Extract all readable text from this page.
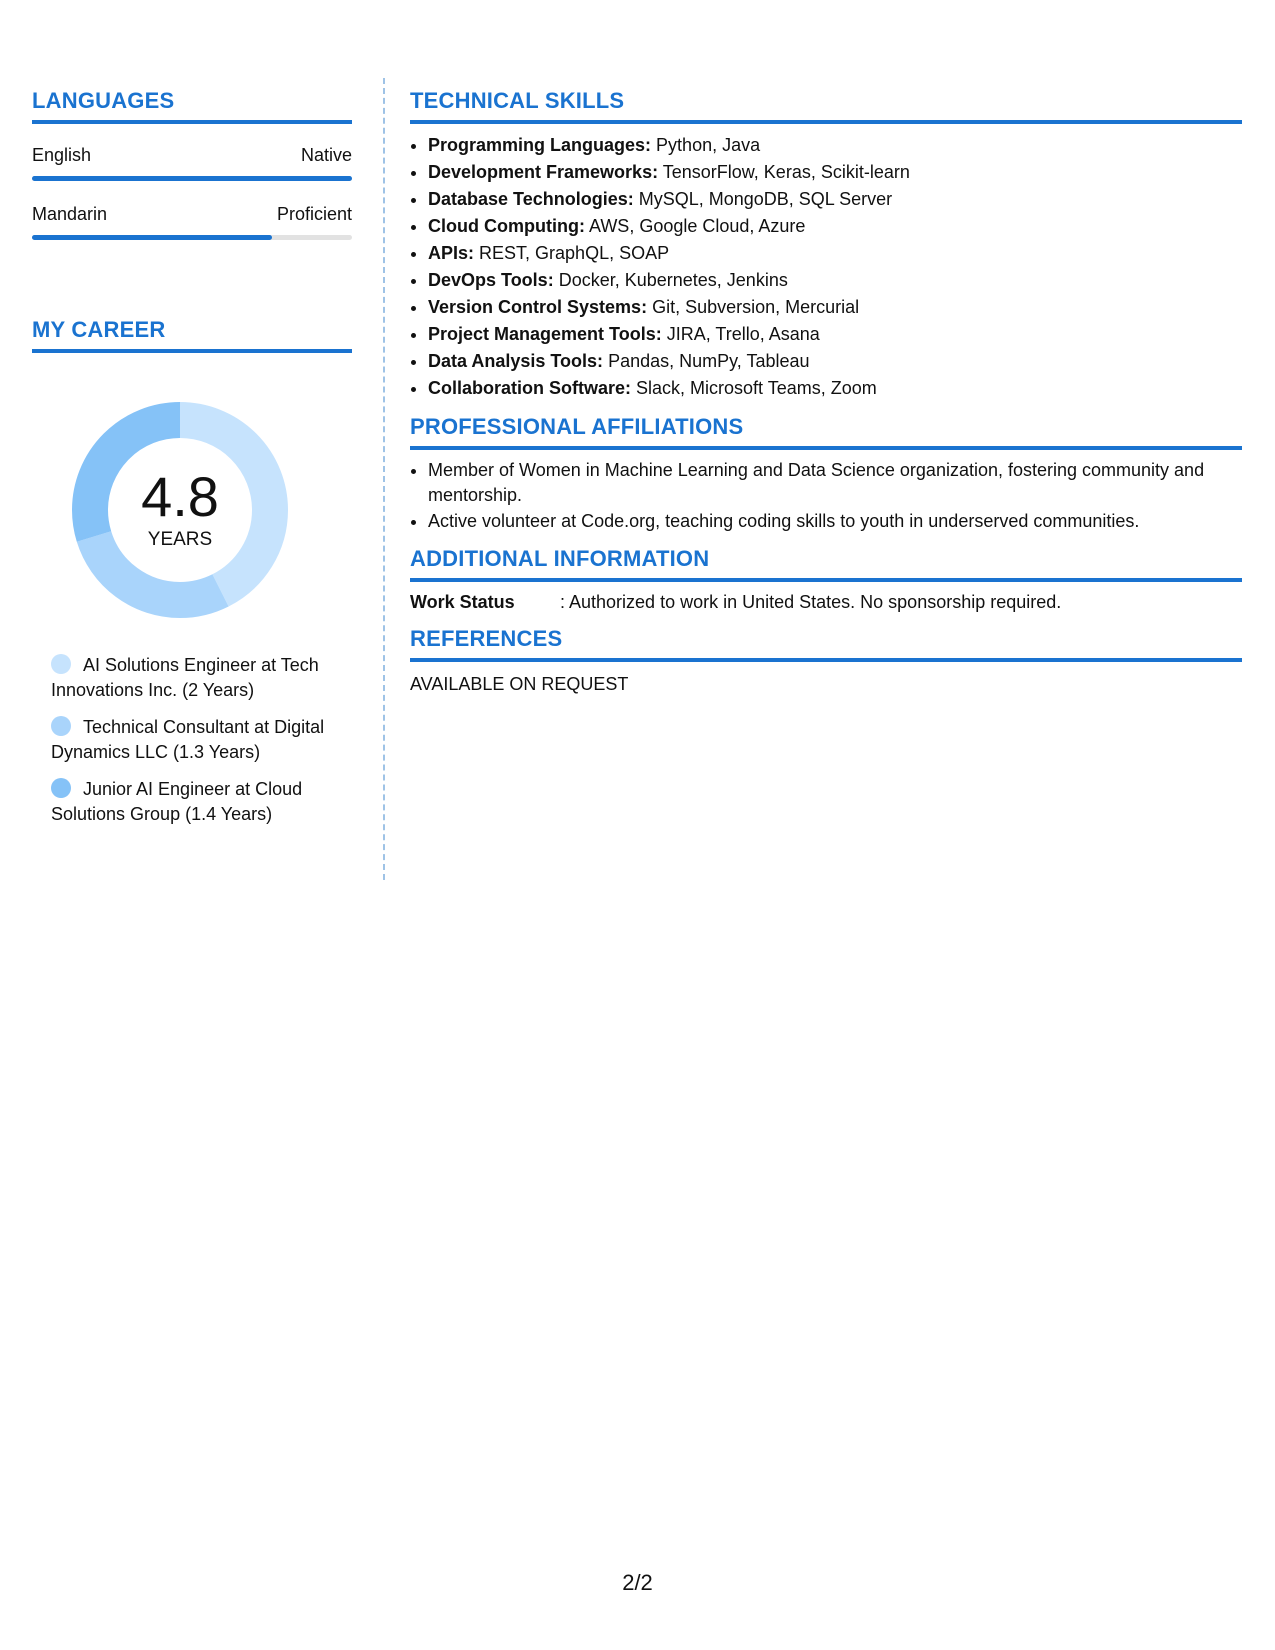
LANGUAGES
English	Native
Mandarin	Proficient
MY CAREER
4.8
YEARS
AI Solutions Engineer at Tech Innovations Inc. (2 Years)
Technical Consultant at Digital Dynamics LLC (1.3 Years)
Junior AI Engineer at Cloud Solutions Group (1.4 Years)
TECHNICAL SKILLS
• Programming Languages: Python, Java
• Development Frameworks: TensorFlow, Keras, Scikit-learn
• Database Technologies: MySQL, MongoDB, SQL Server
• Cloud Computing: AWS, Google Cloud, Azure
• APIs: REST, GraphQL, SOAP
• DevOps Tools: Docker, Kubernetes, Jenkins
• Version Control Systems: Git, Subversion, Mercurial
• Project Management Tools: JIRA, Trello, Asana
• Data Analysis Tools: Pandas, NumPy, Tableau
• Collaboration Software: Slack, Microsoft Teams, Zoom
PROFESSIONAL AFFILIATIONS
• Member of Women in Machine Learning and Data Science organization, fostering community and mentorship.
• Active volunteer at Code.org, teaching coding skills to youth in underserved communities.
ADDITIONAL INFORMATION
Work Status	: Authorized to work in United States. No sponsorship required.
REFERENCES
AVAILABLE ON REQUEST
2/2
